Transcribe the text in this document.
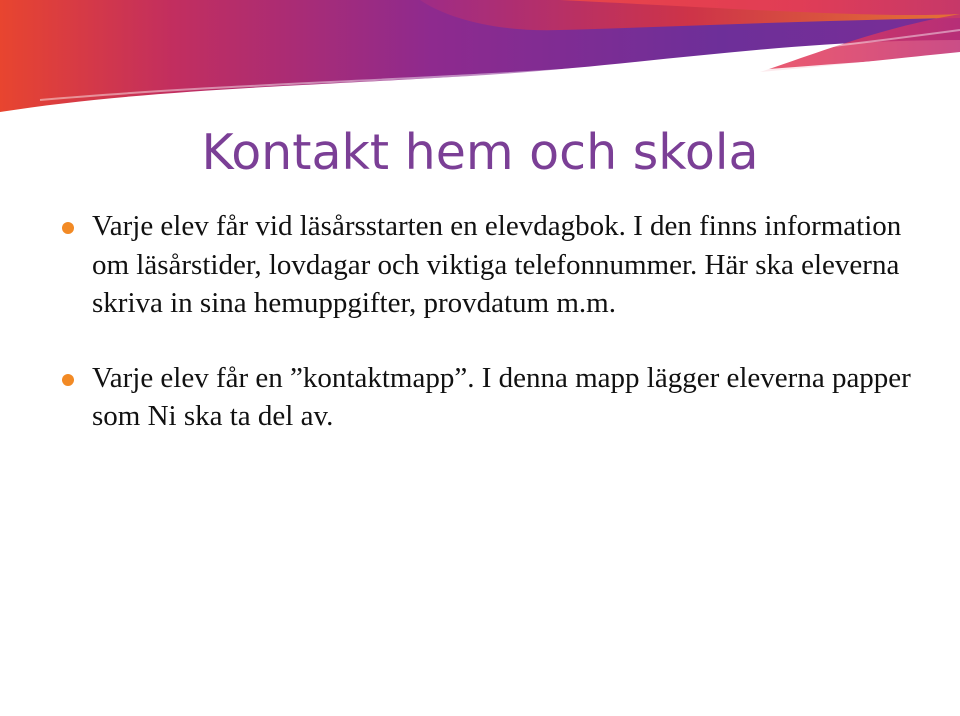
Kontakt hem och skola
Varje elev får vid läsårsstarten en elevdagbok. I den finns information om läsårstider, lovdagar och viktiga telefonnummer. Här ska eleverna skriva in sina hemuppgifter, provdatum m.m.
Varje elev får en ”kontaktmapp”. I denna mapp lägger eleverna papper som Ni ska ta del av.
